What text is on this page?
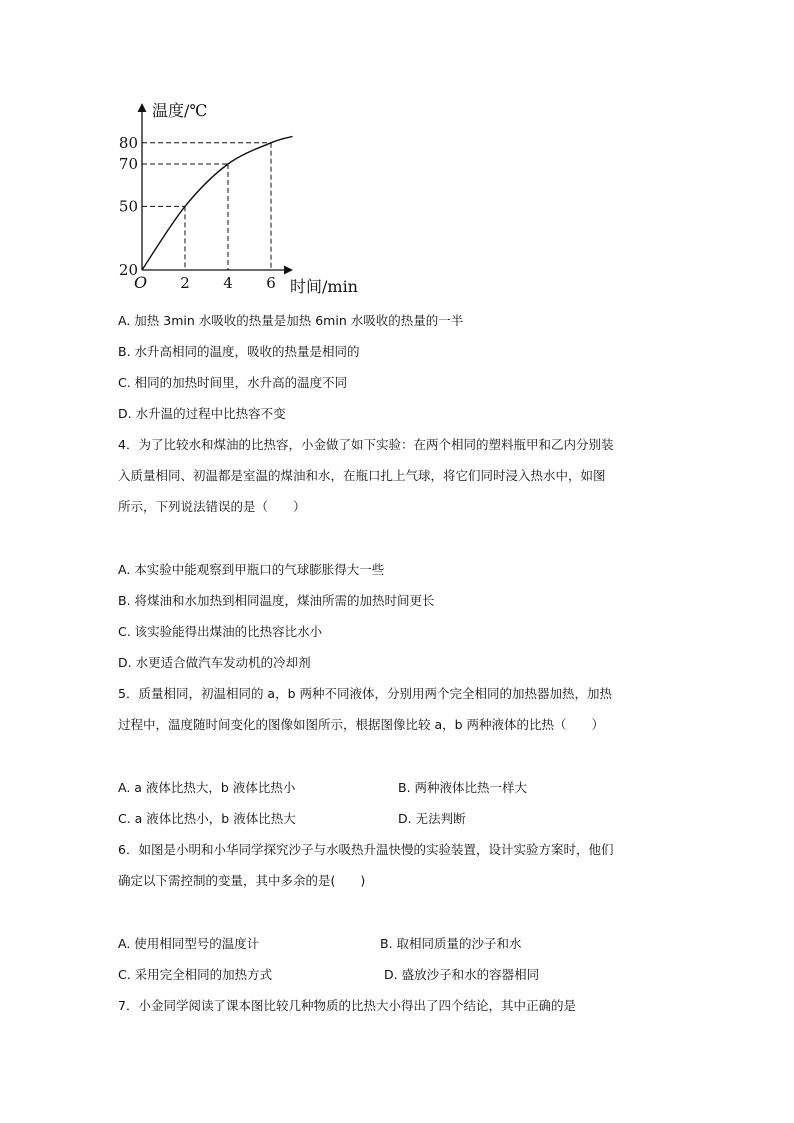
温度/℃
时间/min
O
80
70
50
20
2 4 6
A. 加热 3min 水吸收的热量是加热 6min 水吸收的热量的一半
B. 水升高相同的温度，吸收的热量是相同的
C. 相同的加热时间里，水升高的温度不同
D. 水升温的过程中比热容不变
4．为了比较水和煤油的比热容，小金做了如下实验：在两个相同的塑料瓶甲和乙内分别装
入质量相同、初温都是室温的煤油和水，在瓶口扎上气球，将它们同时浸入热水中，如图
所示，下列说法错误的是（　　）
A. 本实验中能观察到甲瓶口的气球膨胀得大一些
B. 将煤油和水加热到相同温度，煤油所需的加热时间更长
C. 该实验能得出煤油的比热容比水小
D. 水更适合做汽车发动机的冷却剂
5．质量相同，初温相同的 a，b 两种不同液体，分别用两个完全相同的加热器加热，加热
过程中，温度随时间变化的图像如图所示，根据图像比较 a，b 两种液体的比热（　　）
A. a 液体比热大，b 液体比热小	B. 两种液体比热一样大
C. a 液体比热小，b 液体比热大	D. 无法判断
6．如图是小明和小华同学探究沙子与水吸热升温快慢的实验装置，设计实验方案时，他们
确定以下需控制的变量，其中多余的是(　　)
A. 使用相同型号的温度计	B. 取相同质量的沙子和水
C. 采用完全相同的加热方式	D. 盛放沙子和水的容器相同
7．小金同学阅读了课本图比较几种物质的比热大小得出了四个结论，其中正确的是
